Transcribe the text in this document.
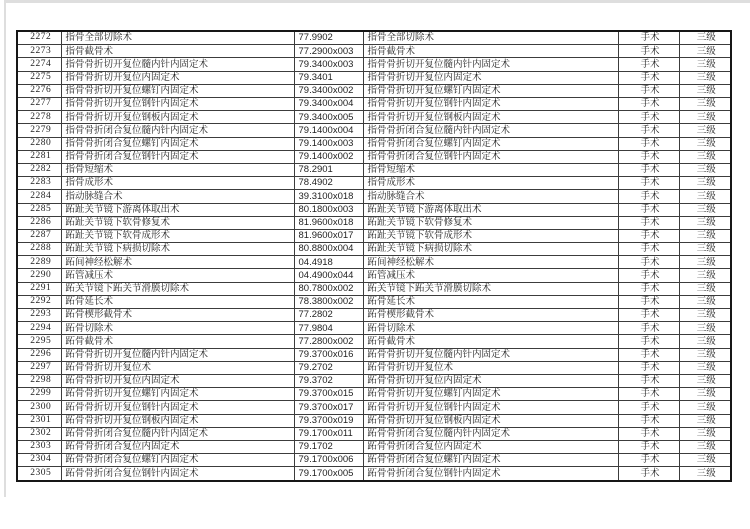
2272	指骨全部切除术	77.9902	指骨全部切除术	手术	三级
2273	指骨截骨术	77.2900x003	指骨截骨术	手术	三级
2274	指骨骨折切开复位髓内针内固定术	79.3400x003	指骨骨折切开复位髓内针内固定术	手术	三级
2275	指骨骨折切开复位内固定术	79.3401	指骨骨折切开复位内固定术	手术	三级
2276	指骨骨折切开复位螺钉内固定术	79.3400x002	指骨骨折切开复位螺钉内固定术	手术	三级
2277	指骨骨折切开复位钢针内固定术	79.3400x004	指骨骨折切开复位钢针内固定术	手术	三级
2278	指骨骨折切开复位钢板内固定术	79.3400x005	指骨骨折切开复位钢板内固定术	手术	三级
2279	指骨骨折闭合复位髓内针内固定术	79.1400x004	指骨骨折闭合复位髓内针内固定术	手术	三级
2280	指骨骨折闭合复位螺钉内固定术	79.1400x003	指骨骨折闭合复位螺钉内固定术	手术	三级
2281	指骨骨折闭合复位钢针内固定术	79.1400x002	指骨骨折闭合复位钢针内固定术	手术	三级
2282	指骨短缩术	78.2901	指骨短缩术	手术	三级
2283	指骨成形术	78.4902	指骨成形术	手术	三级
2284	指动脉缝合术	39.3100x018	指动脉缝合术	手术	三级
2285	跖趾关节镜下游离体取出术	80.1800x003	跖趾关节镜下游离体取出术	手术	三级
2286	跖趾关节镜下软骨修复术	81.9600x018	跖趾关节镜下软骨修复术	手术	三级
2287	跖趾关节镜下软骨成形术	81.9600x017	跖趾关节镜下软骨成形术	手术	三级
2288	跖趾关节镜下病损切除术	80.8800x004	跖趾关节镜下病损切除术	手术	三级
2289	跖间神经松解术	04.4918	跖间神经松解术	手术	三级
2290	跖管减压术	04.4900x044	跖管减压术	手术	三级
2291	跖关节镜下跖关节滑膜切除术	80.7800x002	跖关节镜下跖关节滑膜切除术	手术	三级
2292	跖骨延长术	78.3800x002	跖骨延长术	手术	三级
2293	跖骨楔形截骨术	77.2802	跖骨楔形截骨术	手术	三级
2294	跖骨切除术	77.9804	跖骨切除术	手术	三级
2295	跖骨截骨术	77.2800x002	跖骨截骨术	手术	三级
2296	跖骨骨折切开复位髓内针内固定术	79.3700x016	跖骨骨折切开复位髓内针内固定术	手术	三级
2297	跖骨骨折切开复位术	79.2702	跖骨骨折切开复位术	手术	三级
2298	跖骨骨折切开复位内固定术	79.3702	跖骨骨折切开复位内固定术	手术	三级
2299	跖骨骨折切开复位螺钉内固定术	79.3700x015	跖骨骨折切开复位螺钉内固定术	手术	三级
2300	跖骨骨折切开复位钢针内固定术	79.3700x017	跖骨骨折切开复位钢针内固定术	手术	三级
2301	跖骨骨折切开复位钢板内固定术	79.3700x019	跖骨骨折切开复位钢板内固定术	手术	三级
2302	跖骨骨折闭合复位髓内针内固定术	79.1700x011	跖骨骨折闭合复位髓内针内固定术	手术	三级
2303	跖骨骨折闭合复位内固定术	79.1702	跖骨骨折闭合复位内固定术	手术	三级
2304	跖骨骨折闭合复位螺钉内固定术	79.1700x006	跖骨骨折闭合复位螺钉内固定术	手术	三级
2305	跖骨骨折闭合复位钢针内固定术	79.1700x005	跖骨骨折闭合复位钢针内固定术	手术	三级
